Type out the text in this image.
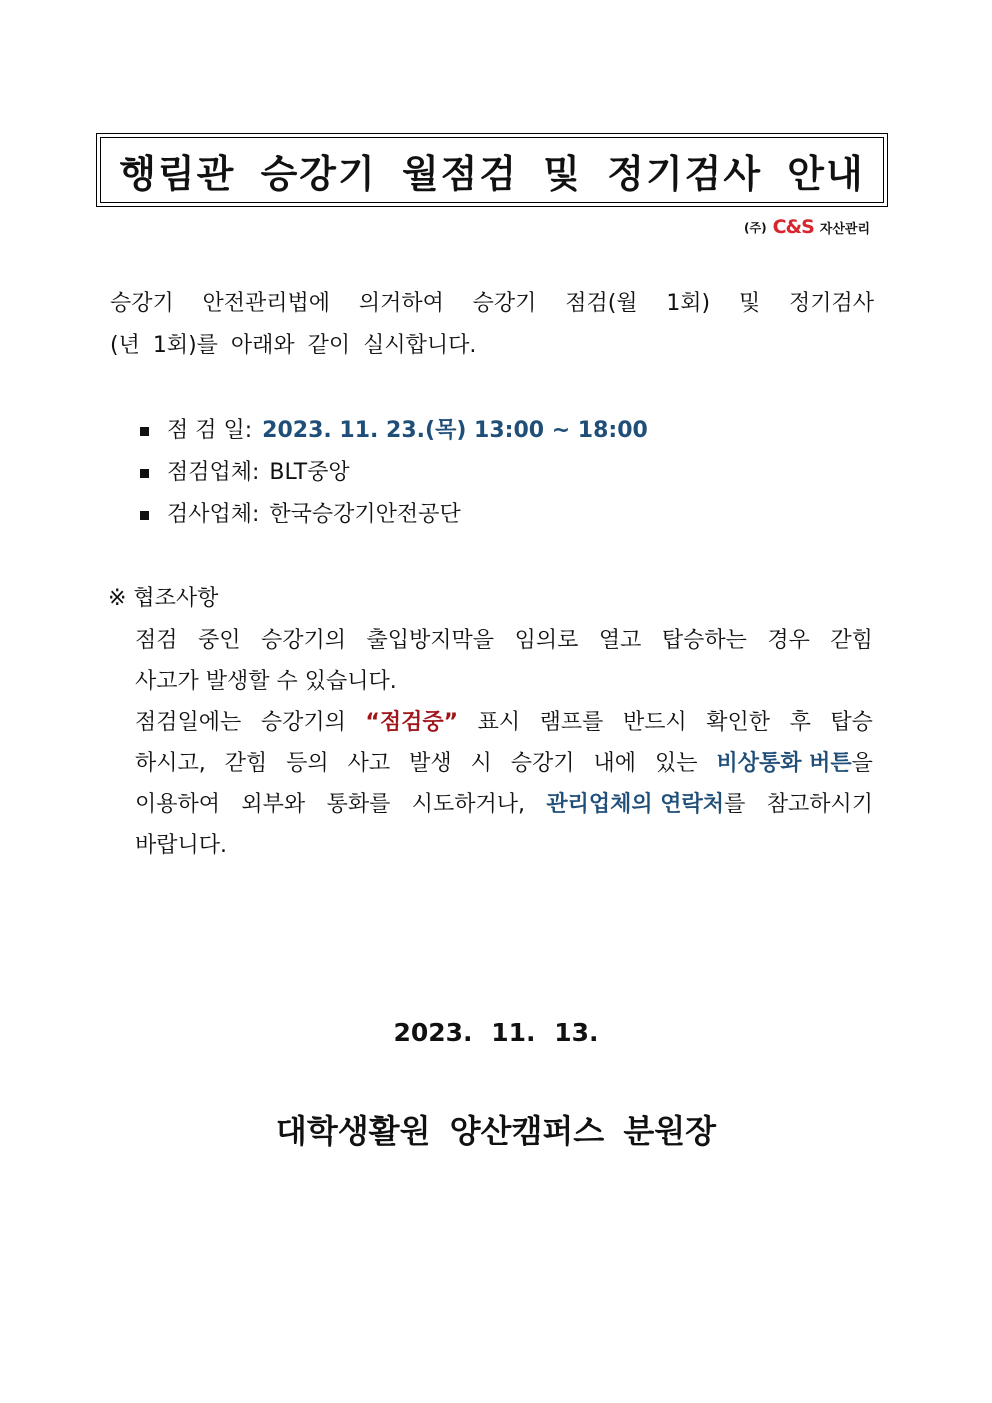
행림관 승강기 월점검 및 정기검사 안내
(주) C&S 자산관리
승강기 안전관리법에 의거하여 승강기 점검(월 1회) 및 정기검사
(년 1회)를 아래와 같이 실시합니다.
점 검 일: 2023. 11. 23.(목) 13:00 ~ 18:00
점검업체: BLT중앙
검사업체: 한국승강기안전공단
※ 협조사항
점검 중인 승강기의 출입방지막을 임의로 열고 탑승하는 경우 갇힘
사고가 발생할 수 있습니다.
점검일에는 승강기의 “점검중” 표시 램프를 반드시 확인한 후 탑승
하시고, 갇힘 등의 사고 발생 시 승강기 내에 있는 비상통화 버튼을
이용하여 외부와 통화를 시도하거나, 관리업체의 연락처를 참고하시기
바랍니다.
2023. 11. 13.
대학생활원 양산캠퍼스 분원장
